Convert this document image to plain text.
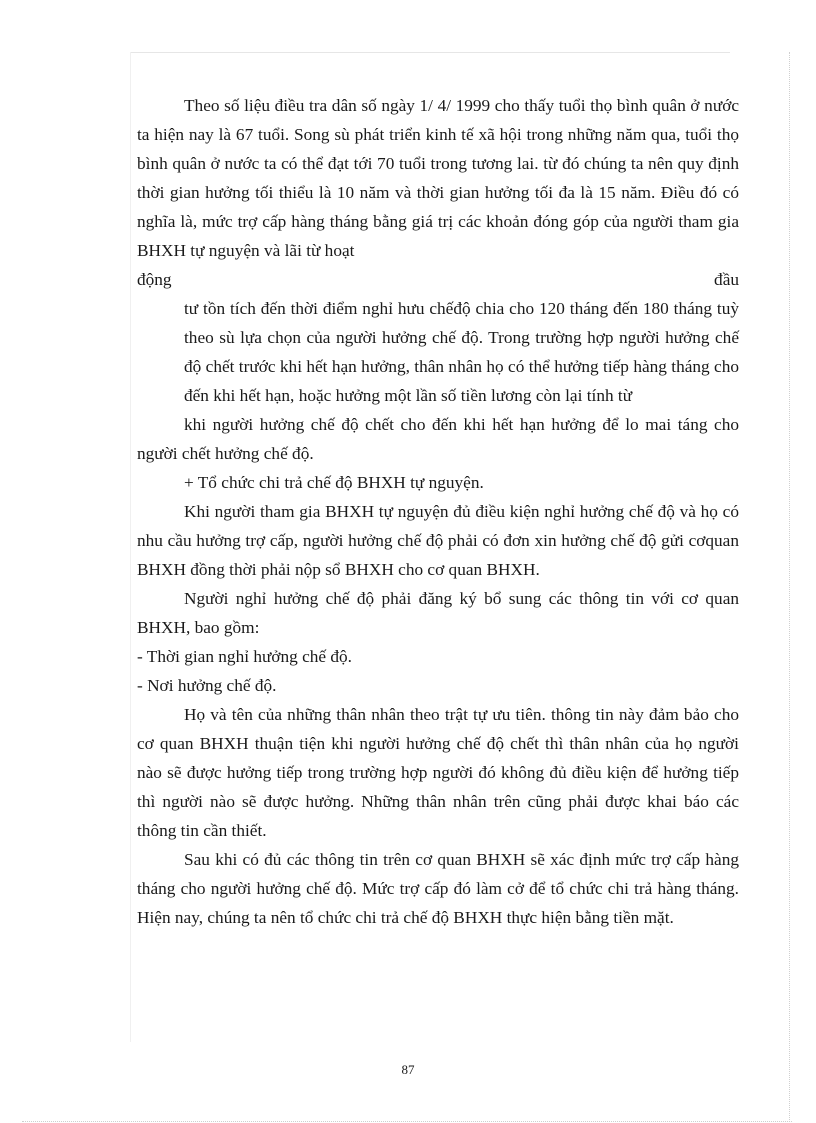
Theo số liệu điều tra dân số ngày 1/ 4/ 1999 cho thấy tuổi thọ bình quân ở nước ta hiện nay là 67 tuổi. Song sù phát triển kinh tế xã hội trong những năm qua, tuổi thọ bình quân ở nước ta có thể đạt tới 70 tuổi trong tương lai. từ đó chúng ta nên quy định thời gian hưởng tối thiểu là 10 năm và thời gian hưởng tối đa là 15 năm. Điều đó có nghĩa là, mức trợ cấp hàng tháng bằng giá trị các khoản đóng góp của người tham gia BHXH tự nguyện và lãi từ hoạt

động	đầu

tư tồn tích đến thời điểm nghỉ hưu chếđộ chia cho 120 tháng đến 180 tháng tuỳ theo sù lựa chọn của người hưởng chế độ. Trong trường hợp người hưởng chế độ chết trước khi hết hạn hưởng, thân nhân họ có thể hưởng tiếp hàng tháng cho đến khi hết hạn, hoặc hưởng một lần số tiền lương còn lại tính từ

khi người hưởng chế độ chết cho đến khi hết hạn hưởng để lo mai táng cho người chết hưởng chế độ.

+ Tổ chức chi trả chế độ BHXH tự nguyện.

Khi người tham gia BHXH tự nguyện đủ điều kiện nghỉ hưởng chế độ và họ có nhu cầu hưởng trợ cấp, người hưởng chế độ phải có đơn xin hưởng chế độ gửi cơquan BHXH đồng thời phải nộp sổ BHXH cho cơ quan BHXH.

Người nghỉ hưởng chế độ phải đăng ký bổ sung các thông tin với cơ quan BHXH, bao gồm:

- Thời gian nghỉ hưởng chế độ.

- Nơi hưởng chế độ.

Họ và tên của những thân nhân theo trật tự ưu tiên. thông tin này đảm bảo cho cơ quan BHXH thuận tiện khi người hưởng chế độ chết thì thân nhân của họ người nào sẽ được hưởng tiếp trong trường hợp người đó không đủ điều kiện để hưởng tiếp thì người nào sẽ được hưởng. Những thân nhân trên cũng phải được khai báo các thông tin cần thiết.

Sau khi có đủ các thông tin trên cơ quan BHXH sẽ xác định mức trợ cấp hàng tháng cho người hưởng chế độ. Mức trợ cấp đó làm cở để tổ chức chi trả hàng tháng. Hiện nay, chúng ta nên tổ chức chi trả chế độ BHXH thực hiện bằng tiền mặt.

87
